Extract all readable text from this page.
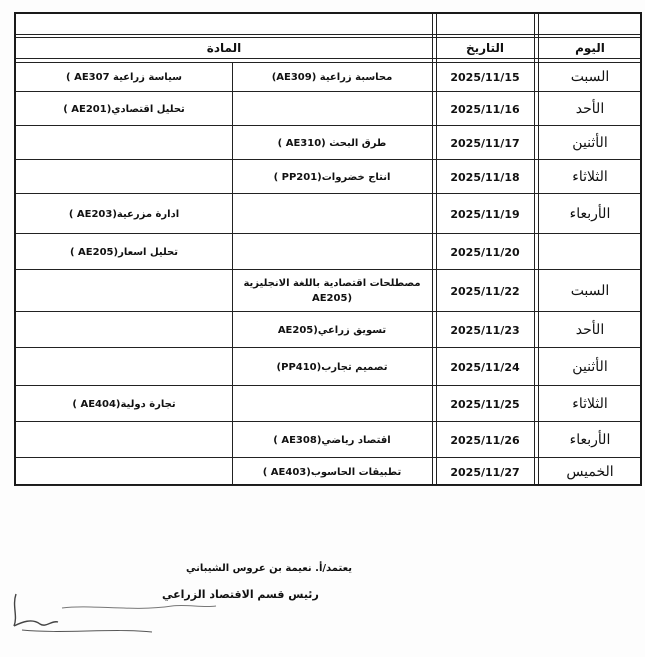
اليوم
التاريخ
المادة
السبت
2025/11/15
محاسبة زراعية (AE309)
سياسة زراعية AE307 )
الأحد
2025/11/16
تحليل اقتصادي(AE201 )
الأثنين
2025/11/17
طرق البحث (AE310 )
الثلاثاء
2025/11/18
انتاج خضروات(PP201 )
الأربعاء
2025/11/19
ادارة مزرعية(AE203 )
2025/11/20
تحليل اسعار(AE205 )
السبت
2025/11/22
مصطلحات اقتصادية باللغة الانجليزية (AE205
الأحد
2025/11/23
تسويق زراعي(AE205
الأثنين
2025/11/24
تصميم تجارب(PP410)
الثلاثاء
2025/11/25
تجارة دولية(AE404 )
الأربعاء
2025/11/26
اقتصاد رياضي(AE308 )
الخميس
2025/11/27
تطبيقات الحاسوب(AE403 )
يعتمد/أ. نعيمة بن عروس الشيباني
رئيس قسم الاقتصاد الزراعي
